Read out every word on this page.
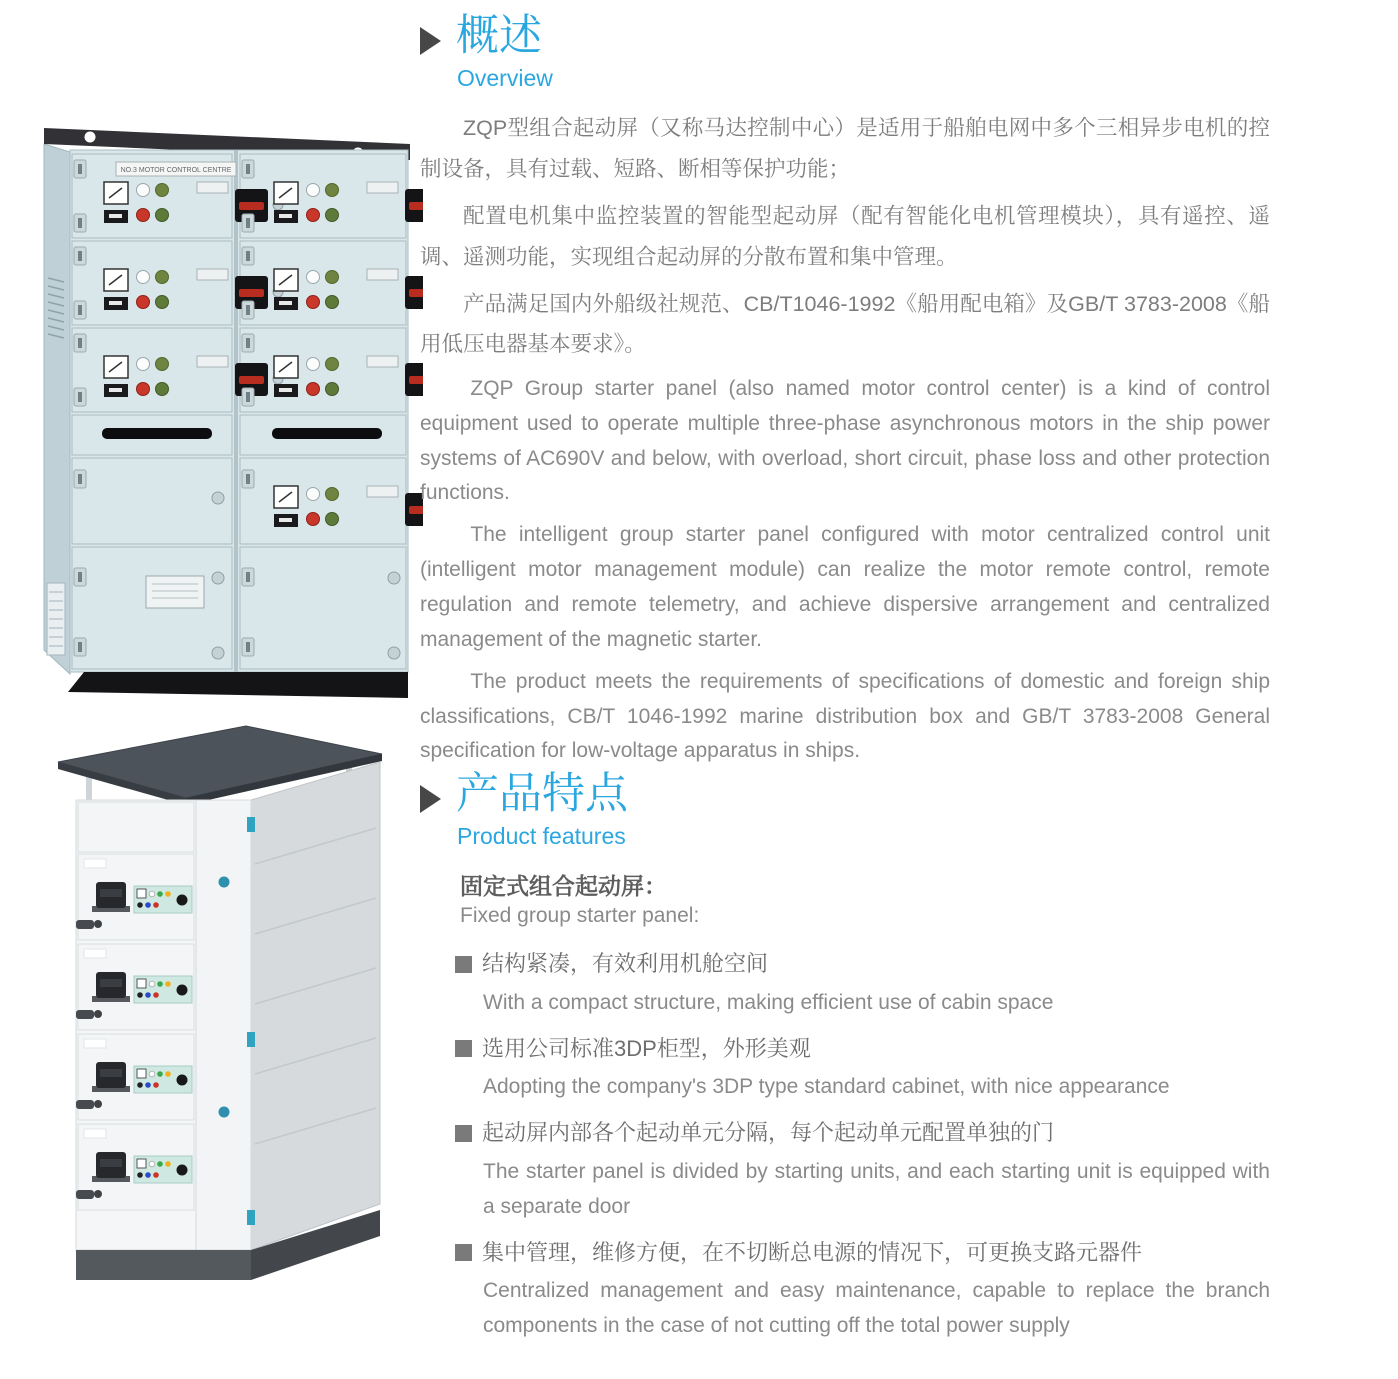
NO.3 MOTOR CONTROL CENTRE
概述
Overview

ZQP型组合起动屏（又称马达控制中心）是适用于船舶电网中多个三相异步电机的控制设备，具有过载、短路、断相等保护功能；

配置电机集中监控装置的智能型起动屏（配有智能化电机管理模块），具有遥控、遥调、遥测功能，实现组合起动屏的分散布置和集中管理。

产品满足国内外船级社规范、CB/T1046-1992《船用配电箱》及GB/T 3783-2008《船用低压电器基本要求》。

ZQP Group starter panel (also named motor control center) is a kind of control equipment used to operate multiple three-phase asynchronous motors in the ship power systems of AC690V and below, with overload, short circuit, phase loss and other protection functions.

The intelligent group starter panel configured with motor centralized control unit (intelligent motor management module) can realize the motor remote control, remote regulation and remote telemetry, and achieve dispersive arrangement and centralized management of the magnetic starter.

The product meets the requirements of specifications of domestic and foreign ship classifications, CB/T 1046-1992 marine distribution box and GB/T 3783-2008 General specification for low-voltage apparatus in ships.

产品特点
Product features
固定式组合起动屏：
Fixed group starter panel:
结构紧凑，有效利用机舱空间
With a compact structure, making efficient use of cabin space
选用公司标准3DP柜型，外形美观
Adopting the company's 3DP type standard cabinet, with nice appearance
起动屏内部各个起动单元分隔，每个起动单元配置单独的门
The starter panel is divided by starting units, and each starting unit is equipped with a separate door
集中管理，维修方便，在不切断总电源的情况下，可更换支路元器件
Centralized management and easy maintenance, capable to replace the branch components in the case of not cutting off the total power supply
